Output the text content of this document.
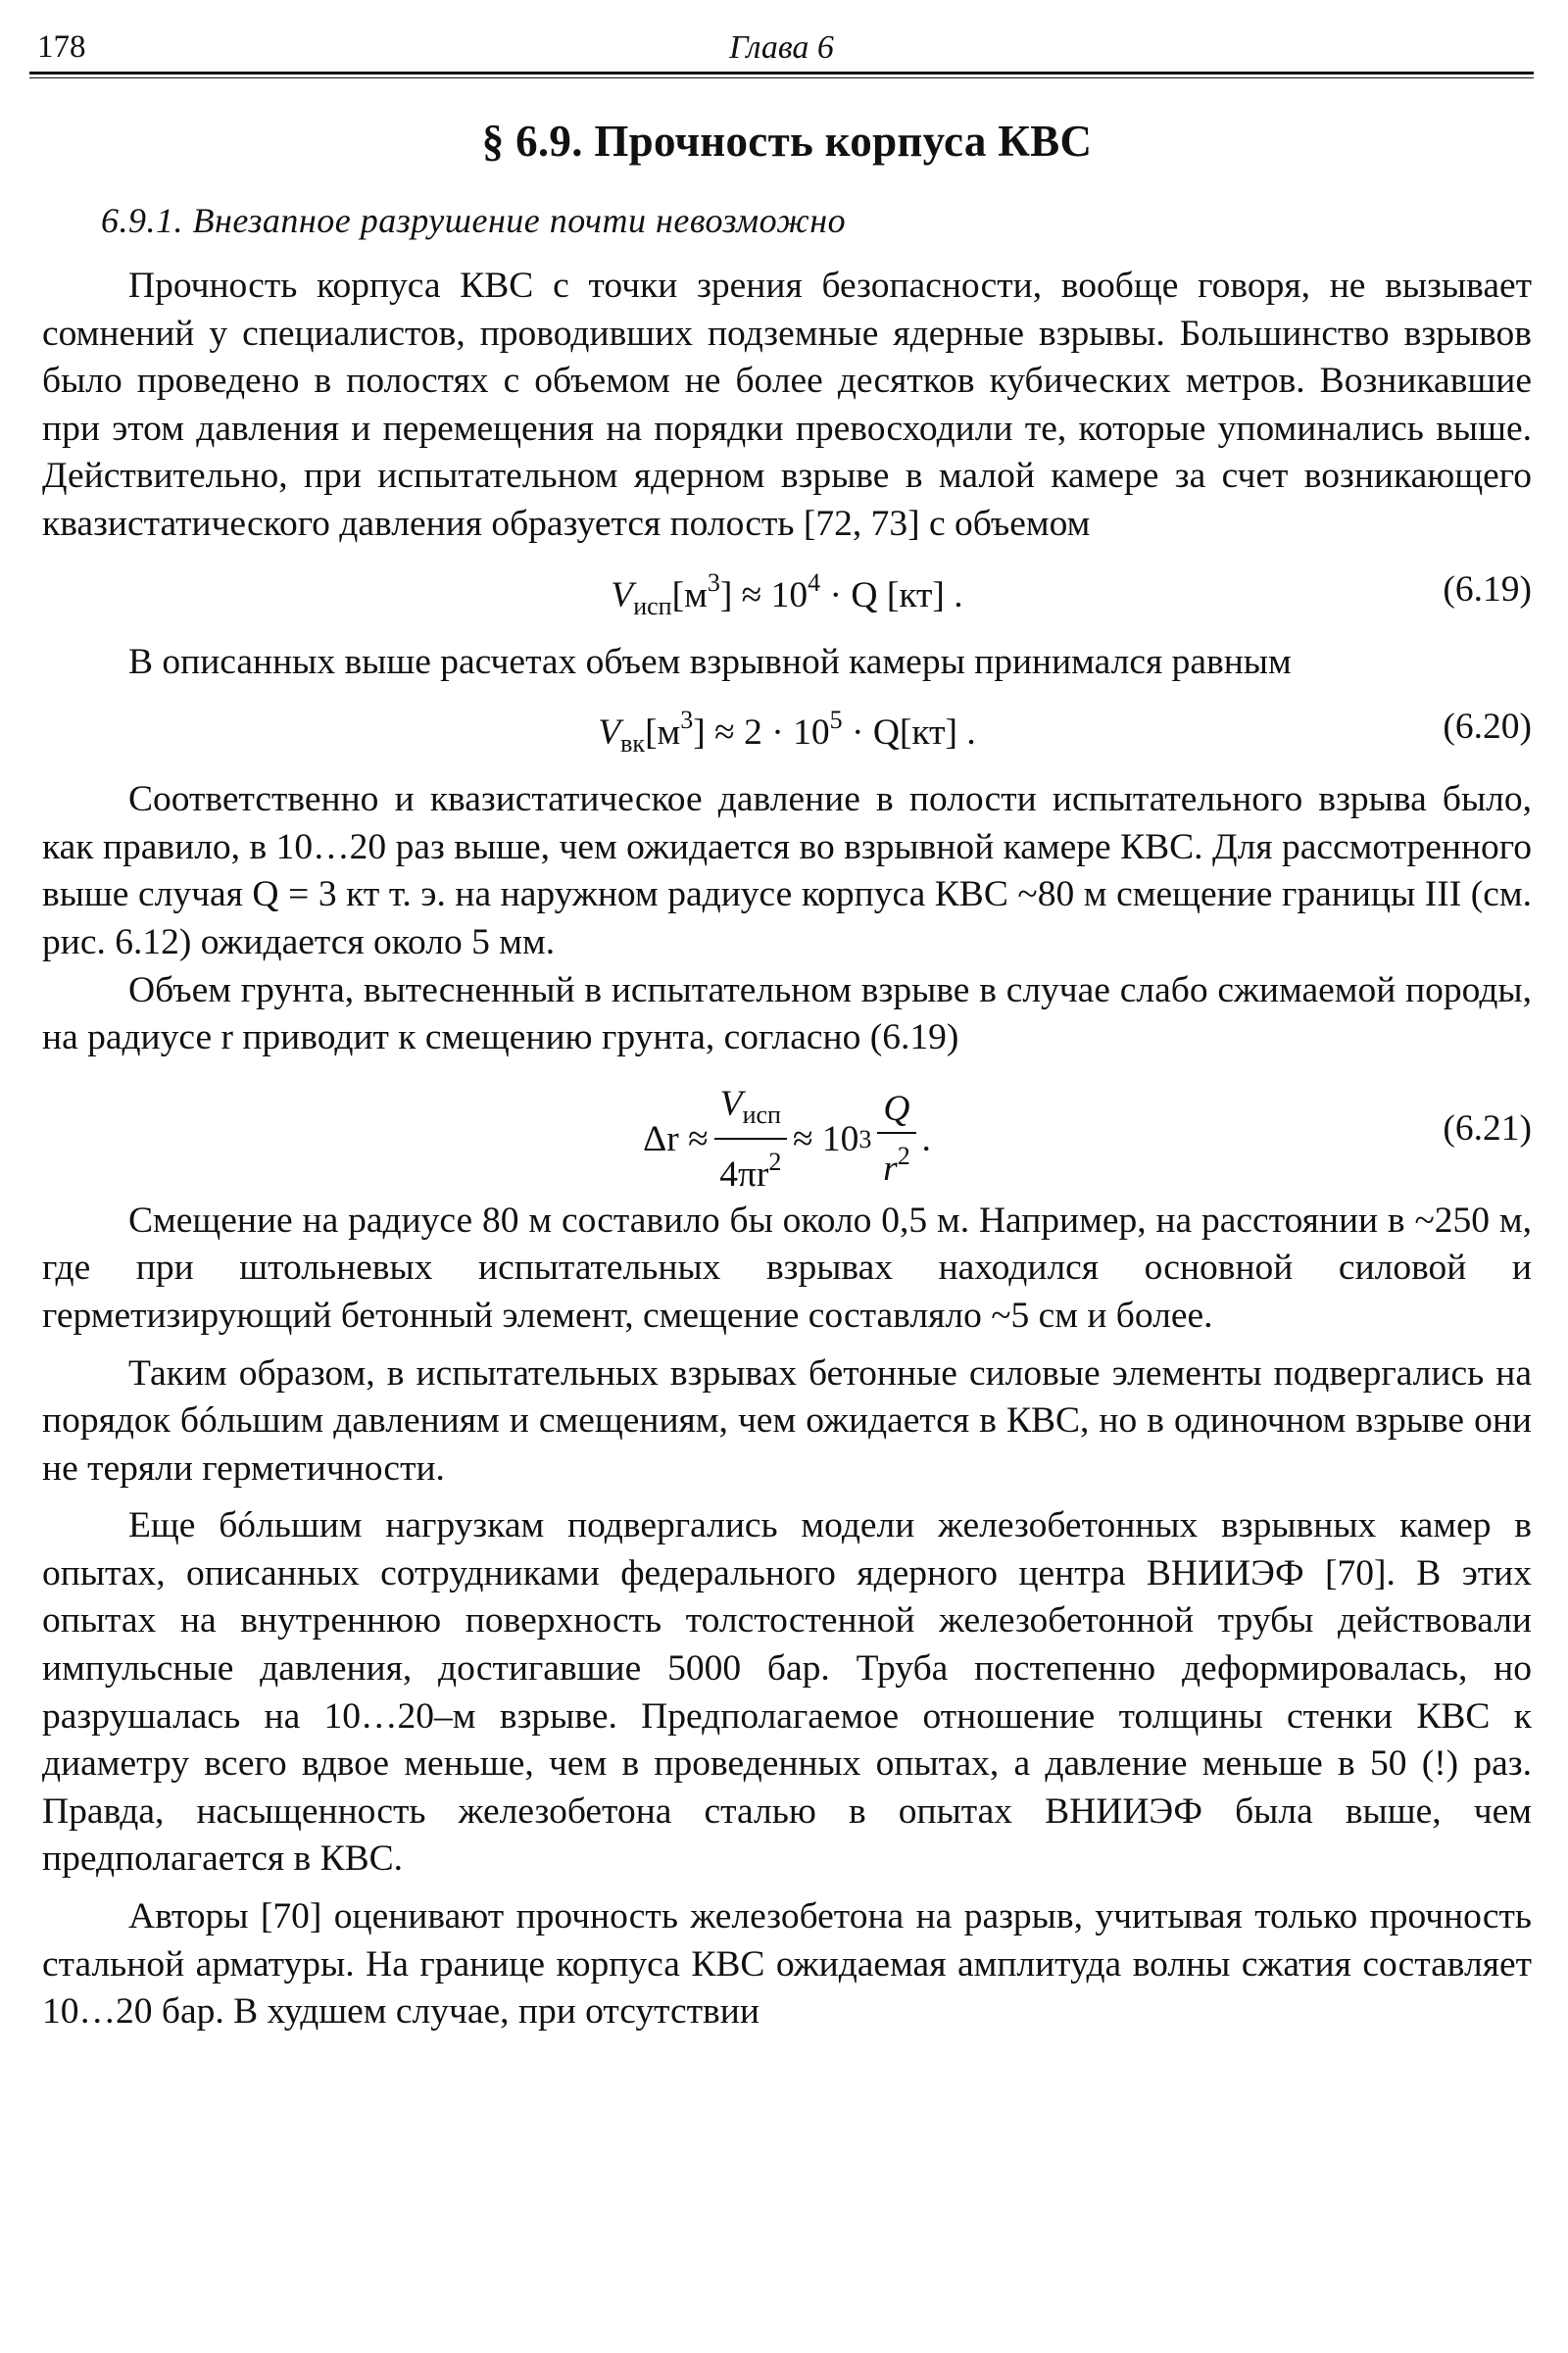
178	Глава 6
§ 6.9. Прочность корпуса КВС
6.9.1. Внезапное разрушение почти невозможно

Прочность корпуса КВС с точки зрения безопасности, вообще говоря, не вызывает сомнений у специалистов, проводивших подземные ядерные взрывы. Большинство взрывов было проведено в полостях с объемом не более десятков кубических метров. Возникавшие при этом давления и перемещения на порядки превосходили те, которые упоминались выше. Действительно, при испытательном ядерном взрыве в малой камере за счет возникающего квазистатического давления образуется полость [72, 73] с объемом

$V_{исп}[м^3] \approx 10^4 \cdot Q$ [кт] .	(6.19)

В описанных выше расчетах объем взрывной камеры принимался равным

$V_{вк}[м^3] \approx 2 \cdot 10^5 \cdot Q[кт]$ .	(6.20)

Соответственно и квазистатическое давление в полости испытательного взрыва было, как правило, в 10…20 раз выше, чем ожидается во взрывной камере КВС. Для рассмотренного выше случая Q = 3 кт т. э. на наружном радиусе корпуса КВС ~80 м смещение границы III (см. рис. 6.12) ожидается около 5 мм.

Объем грунта, вытесненный в испытательном взрыве в случае слабо сжимаемой породы, на радиусе r приводит к смещению грунта, согласно (6.19)

$\Delta r \approx \frac{V_{исп}}{4\pi r^2} \approx 10$ $3 \frac{Q}{r^2}$ .	(6.21)

Смещение на радиусе 80 м составило бы около 0,5 м. Например, на расстоянии в ~250 м, где при штольневых испытательных взрывах находился основной силовой и герметизирующий бетонный элемент, смещение составляло ~5 см и более.

Таким образом, в испытательных взрывах бетонные силовые элементы подвергались на порядок бóльшим давлениям и смещениям, чем ожидается в КВС, но в одиночном взрыве они не теряли герметичности.

Еще бóльшим нагрузкам подвергались модели железобетонных взрывных камер в опытах, описанных сотрудниками федерального ядерного центра ВНИИЭФ [70]. В этих опытах на внутреннюю поверхность толстостенной железобетонной трубы действовали импульсные давления, достигавшие 5000 бар. Труба постепенно деформировалась, но разрушалась на 10…20–м взрыве. Предполагаемое отношение толщины стенки КВС к диаметру всего вдвое меньше, чем в проведенных опытах, а давление меньше в 50 (!) раз. Правда, насыщенность железобетона сталью в опытах ВНИИЭФ была выше, чем предполагается в КВС.

Авторы [70] оценивают прочность железобетона на разрыв, учитывая только прочность стальной арматуры. На границе корпуса КВС ожидаемая амплитуда волны сжатия составляет 10…20 бар. В худшем случае, при отсутствии
